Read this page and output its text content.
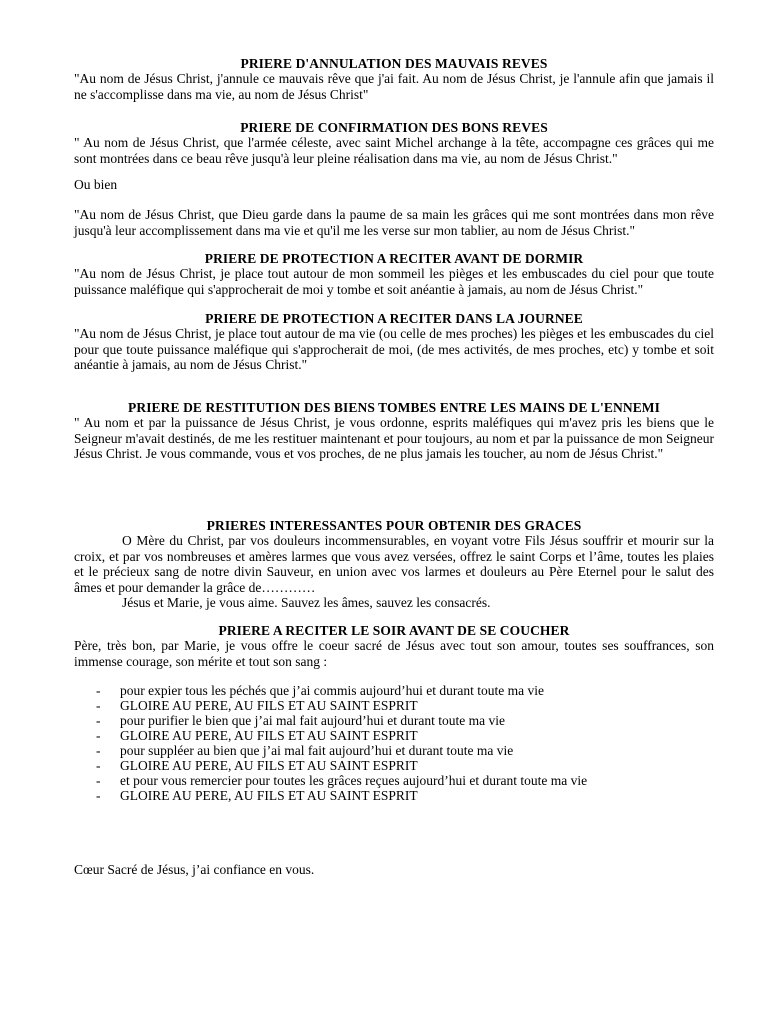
PRIERE D'ANNULATION DES MAUVAIS REVES

"Au nom de Jésus Christ, j'annule ce mauvais rêve que j'ai fait. Au nom de Jésus Christ, je l'annule afin que jamais il ne s'accomplisse dans ma vie, au nom de Jésus Christ"

PRIERE DE CONFIRMATION DES BONS REVES

" Au nom de Jésus Christ, que l'armée céleste, avec saint Michel archange à la tête, accompagne ces grâces qui me sont montrées dans ce beau rêve jusqu'à leur pleine réalisation dans ma vie, au nom de Jésus Christ."

Ou bien

"Au nom de Jésus Christ, que Dieu garde dans la paume de sa main les grâces qui me sont montrées dans mon rêve jusqu'à leur accomplissement dans ma vie et qu'il me les verse sur mon tablier, au nom de Jésus Christ."

PRIERE DE PROTECTION A RECITER AVANT DE DORMIR

"Au nom de Jésus Christ, je place tout autour de mon sommeil les pièges et les embuscades du ciel pour que toute puissance maléfique qui s'approcherait de moi y tombe et soit anéantie à jamais, au nom de Jésus Christ."

PRIERE DE PROTECTION A RECITER DANS LA JOURNEE

"Au nom de Jésus Christ, je place tout autour de ma vie (ou celle de mes proches) les pièges et les embuscades du ciel pour que toute puissance maléfique qui s'approcherait de moi, (de mes activités, de mes proches, etc) y tombe et soit anéantie à jamais, au nom de Jésus Christ."

PRIERE DE RESTITUTION DES BIENS TOMBES ENTRE LES MAINS DE L'ENNEMI

" Au nom et par la puissance de Jésus Christ, je vous ordonne, esprits maléfiques qui m'avez pris les biens que le Seigneur m'avait destinés, de me les restituer maintenant et pour toujours, au nom et par la puissance de mon Seigneur Jésus Christ. Je vous commande, vous et vos proches, de ne plus jamais les toucher, au nom de Jésus Christ."

PRIERES INTERESSANTES POUR OBTENIR DES GRACES

O Mère du Christ, par vos douleurs incommensurables, en voyant votre Fils Jésus souffrir et mourir sur la croix, et par vos nombreuses et amères larmes que vous avez versées, offrez le saint Corps et l’âme, toutes les plaies et le précieux sang de notre divin Sauveur, en union avec vos larmes et douleurs au Père Eternel pour le salut des âmes et pour demander la grâce de…………

Jésus et Marie, je vous aime. Sauvez les âmes, sauvez les consacrés.

PRIERE A RECITER LE SOIR AVANT DE SE COUCHER

Père, très bon, par Marie, je vous offre le coeur sacré de Jésus avec tout son amour, toutes ses souffrances, son immense courage, son mérite et tout son sang :

- pour expier tous les péchés que j’ai commis aujourd’hui et durant toute ma vie
- GLOIRE AU PERE, AU FILS ET AU SAINT ESPRIT
- pour purifier le bien que j’ai mal fait aujourd’hui et durant toute ma vie
- GLOIRE AU PERE, AU FILS ET AU SAINT ESPRIT
- pour suppléer au bien que j’ai mal fait aujourd’hui et durant toute ma vie
- GLOIRE AU PERE, AU FILS ET AU SAINT ESPRIT
- et pour vous remercier pour toutes les grâces reçues aujourd’hui et durant toute ma vie
- GLOIRE AU PERE, AU FILS ET AU SAINT ESPRIT

Cœur Sacré de Jésus, j’ai confiance en vous.
